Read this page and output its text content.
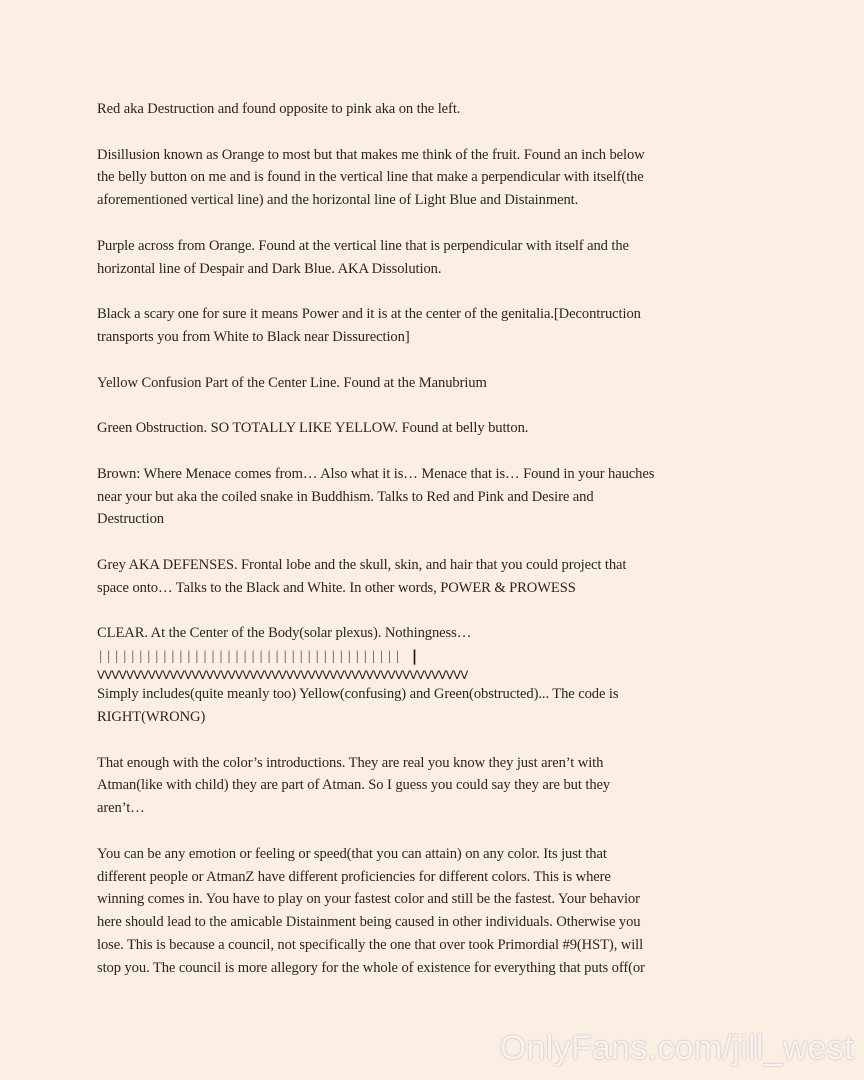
Red aka Destruction and found opposite to pink aka on the left.

Disillusion known as Orange to most but that makes me think of the fruit. Found an inch below
the belly button on me and is found in the vertical line that make a perpendicular with itself(the
aforementioned vertical line) and the horizontal line of Light Blue and Distainment.

Purple across from Orange. Found at the vertical line that is perpendicular with itself and the
horizontal line of Despair and Dark Blue. AKA Dissolution.

Black a scary one for sure it means Power and it is at the center of the genitalia.[Decontruction
transports you from White to Black near Dissurection]

Yellow Confusion Part of the Center Line. Found at the Manubrium

Green Obstruction. SO TOTALLY LIKE YELLOW. Found at belly button.

Brown: Where Menace comes from… Also what it is… Menace that is… Found in your hauches
near your but aka the coiled snake in Buddhism. Talks to Red and Pink and Desire and
Destruction

Grey AKA DEFENSES. Frontal lobe and the skull, skin, and hair that you could project that
space onto… Talks to the Black and White. In other words, POWER & PROWESS

CLEAR. At the Center of the Body(solar plexus). Nothingness…

|||||||||||||||||||||||||||||||||||||| |
VVVVVVVVVVVVVVVVVVVVVVVVVVVVVVVVVVVVVVVVVVVVVVVVVVV

Simply includes(quite meanly too) Yellow(confusing) and Green(obstructed)... The code is
RIGHT(WRONG)

That enough with the color’s introductions. They are real you know they just aren’t with
Atman(like with child) they are part of Atman. So I guess you could say they are but they
aren’t…

You can be any emotion or feeling or speed(that you can attain) on any color. Its just that
different people or AtmanZ have different proficiencies for different colors. This is where
winning comes in. You have to play on your fastest color and still be the fastest. Your behavior
here should lead to the amicable Distainment being caused in other individuals. Otherwise you
lose. This is because a council, not specifically the one that over took Primordial #9(HST), will
stop you. The council is more allegory for the whole of existence for everything that puts off(or

OnlyFans.com/jill_west
